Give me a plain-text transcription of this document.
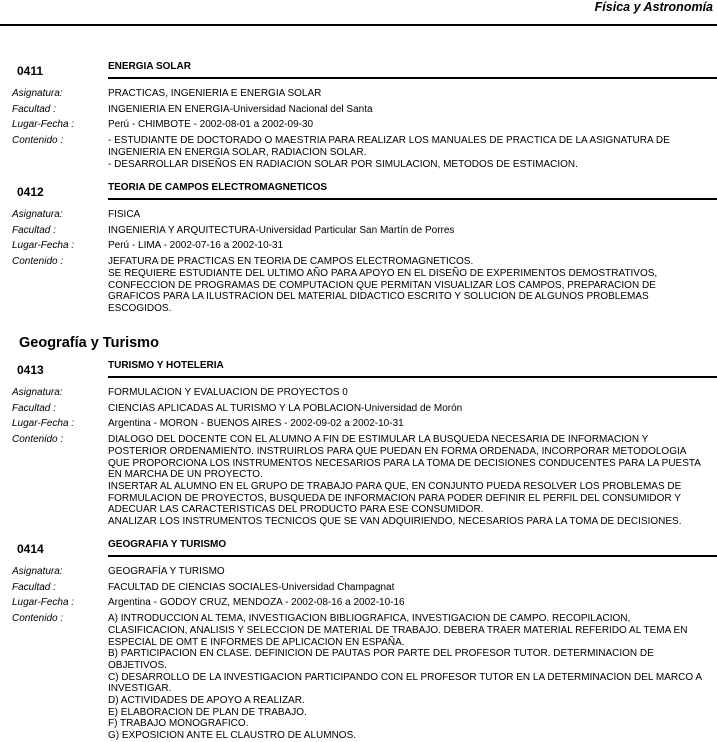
Física y Astronomía
0411	ENERGIA SOLAR
Asignatura:	PRACTICAS, INGENIERIA E ENERGIA SOLAR
Facultad :	INGENIERIA EN ENERGIA-Universidad Nacional del Santa
Lugar-Fecha :	Perú - CHIMBOTE - 2002-08-01 a 2002-09-30
Contenido :	- ESTUDIANTE DE DOCTORADO O MAESTRIA PARA REALIZAR LOS MANUALES DE PRACTICA DE LA ASIGNATURA DE INGENIERIA EN ENERGIA SOLAR, RADIACION SOLAR.
- DESARROLLAR DISEÑOS EN RADIACION SOLAR POR SIMULACION, METODOS DE ESTIMACION.
0412	TEORIA DE CAMPOS ELECTROMAGNETICOS
Asignatura:	FISICA
Facultad :	INGENIERIA Y ARQUITECTURA-Universidad Particular San Martín de Porres
Lugar-Fecha :	Perú - LIMA - 2002-07-16 a 2002-10-31
Contenido :	JEFATURA DE PRACTICAS EN TEORIA DE CAMPOS ELECTROMAGNETICOS.
SE REQUIERE ESTUDIANTE DEL ULTIMO AÑO PARA APOYO EN EL DISEÑO DE EXPERIMENTOS DEMOSTRATIVOS, CONFECCION DE PROGRAMAS DE COMPUTACION QUE PERMITAN VISUALIZAR LOS CAMPOS, PREPARACION DE GRAFICOS PARA LA ILUSTRACION DEL MATERIAL DIDACTICO ESCRITO Y SOLUCION DE ALGUNOS PROBLEMAS ESCOGIDOS.
Geografía y Turismo
0413	TURISMO Y HOTELERIA
Asignatura:	FORMULACION Y EVALUACION DE PROYECTOS 0
Facultad :	CIENCIAS APLICADAS AL TURISMO Y LA POBLACION-Universidad de Morón
Lugar-Fecha :	Argentina - MORON - BUENOS AIRES - 2002-09-02 a 2002-10-31
Contenido :	DIALOGO DEL DOCENTE CON EL ALUMNO A FIN DE ESTIMULAR LA BUSQUEDA NECESARIA DE INFORMACION Y POSTERIOR ORDENAMIENTO. INSTRUIRLOS PARA QUE PUEDAN EN FORMA ORDENADA, INCORPORAR METODOLOGIA QUE PROPORCIONA LOS INSTRUMENTOS NECESARIOS PARA LA TOMA DE DECISIONES CONDUCENTES PARA LA PUESTA EN MARCHA DE UN PROYECTO.
INSERTAR AL ALUMNO EN EL GRUPO DE TRABAJO PARA QUE, EN CONJUNTO PUEDA RESOLVER LOS PROBLEMAS DE FORMULACION DE PROYECTOS, BUSQUEDA DE INFORMACION PARA PODER DEFINIR EL PERFIL DEL CONSUMIDOR Y ADECUAR LAS CARACTERISTICAS DEL PRODUCTO PARA ESE CONSUMIDOR.
ANALIZAR LOS INSTRUMENTOS TECNICOS QUE SE VAN ADQUIRIENDO, NECESARIOS PARA LA TOMA DE DECISIONES.
0414	GEOGRAFIA Y TURISMO
Asignatura:	GEOGRAFÍA Y TURISMO
Facultad :	FACULTAD DE CIENCIAS SOCIALES-Universidad Champagnat
Lugar-Fecha :	Argentina - GODOY CRUZ, MENDOZA - 2002-08-16 a 2002-10-16
Contenido :	A) INTRODUCCION AL TEMA, INVESTIGACION BIBLIOGRAFICA, INVESTIGACION DE CAMPO. RECOPILACION, CLASIFICACION, ANALISIS Y SELECCION DE MATERIAL DE TRABAJO. DEBERA TRAER MATERIAL REFERIDO AL TEMA EN ESPECIAL DE OMT E INFORMES DE APLICACION EN ESPAÑA.
B) PARTICIPACION EN CLASE. DEFINICION DE PAUTAS POR PARTE DEL PROFESOR TUTOR. DETERMINACION DE OBJETIVOS.
C) DESARROLLO DE LA INVESTIGACION PARTICIPANDO CON EL PROFESOR TUTOR EN LA DETERMINACION DEL MARCO A INVESTIGAR.
D) ACTIVIDADES DE APOYO A REALIZAR.
E) ELABORACION DE PLAN DE TRABAJO.
F) TRABAJO MONOGRAFICO.
G) EXPOSICION ANTE EL CLAUSTRO DE ALUMNOS.
